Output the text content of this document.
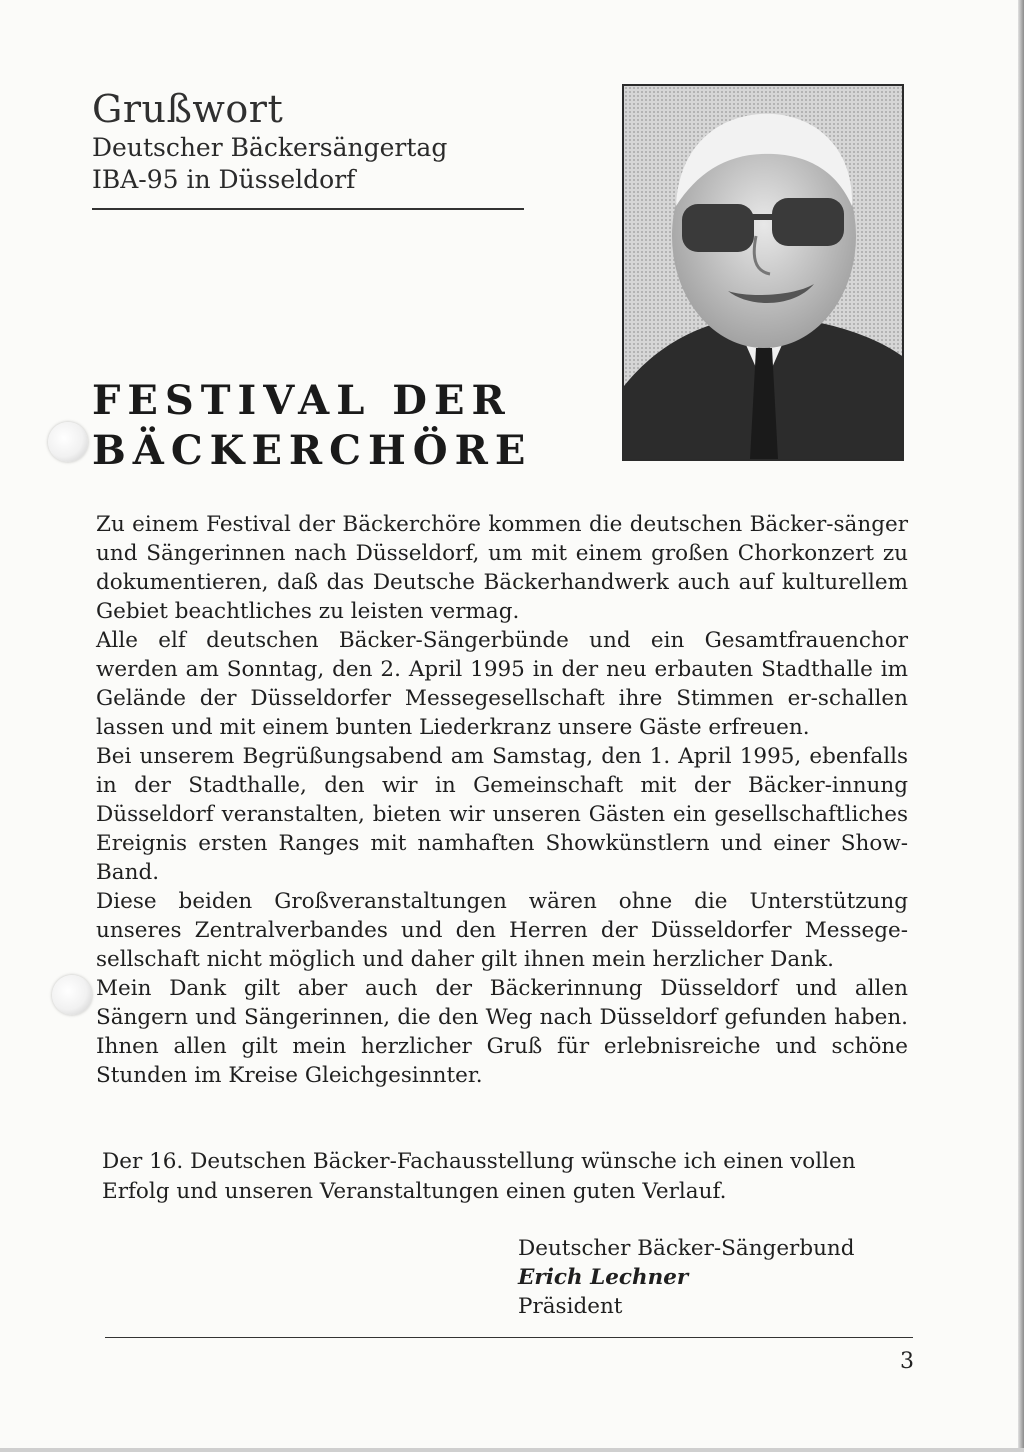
Grußwort
Deutscher Bäckersängertag
IBA-95 in Düsseldorf
FESTIVAL DER
BÄCKERCHÖRE

Zu einem Festival der Bäckerchöre kommen die deutschen Bäcker-sänger und Sängerinnen nach Düsseldorf, um mit einem großen Chorkonzert zu dokumentieren, daß das Deutsche Bäckerhandwerk auch auf kulturellem Gebiet beachtliches zu leisten vermag.

Alle elf deutschen Bäcker-Sängerbünde und ein Gesamtfrauenchor werden am Sonntag, den 2. April 1995 in der neu erbauten Stadthalle im Gelände der Düsseldorfer Messegesellschaft ihre Stimmen er-schallen lassen und mit einem bunten Liederkranz unsere Gäste erfreuen.

Bei unserem Begrüßungsabend am Samstag, den 1. April 1995, ebenfalls in der Stadthalle, den wir in Gemeinschaft mit der Bäcker-innung Düsseldorf veranstalten, bieten wir unseren Gästen ein gesellschaftliches Ereignis ersten Ranges mit namhaften Showkünstlern und einer Show-Band.

Diese beiden Großveranstaltungen wären ohne die Unterstützung unseres Zentralverbandes und den Herren der Düsseldorfer Messege-sellschaft nicht möglich und daher gilt ihnen mein herzlicher Dank.

Mein Dank gilt aber auch der Bäckerinnung Düsseldorf und allen Sängern und Sängerinnen, die den Weg nach Düsseldorf gefunden haben. Ihnen allen gilt mein herzlicher Gruß für erlebnisreiche und schöne Stunden im Kreise Gleichgesinnter.

Der 16. Deutschen Bäcker-Fachausstellung wünsche ich einen vollen Erfolg und unseren Veranstaltungen einen guten Verlauf.
Deutscher Bäcker-Sängerbund
Erich Lechner
Präsident
3
